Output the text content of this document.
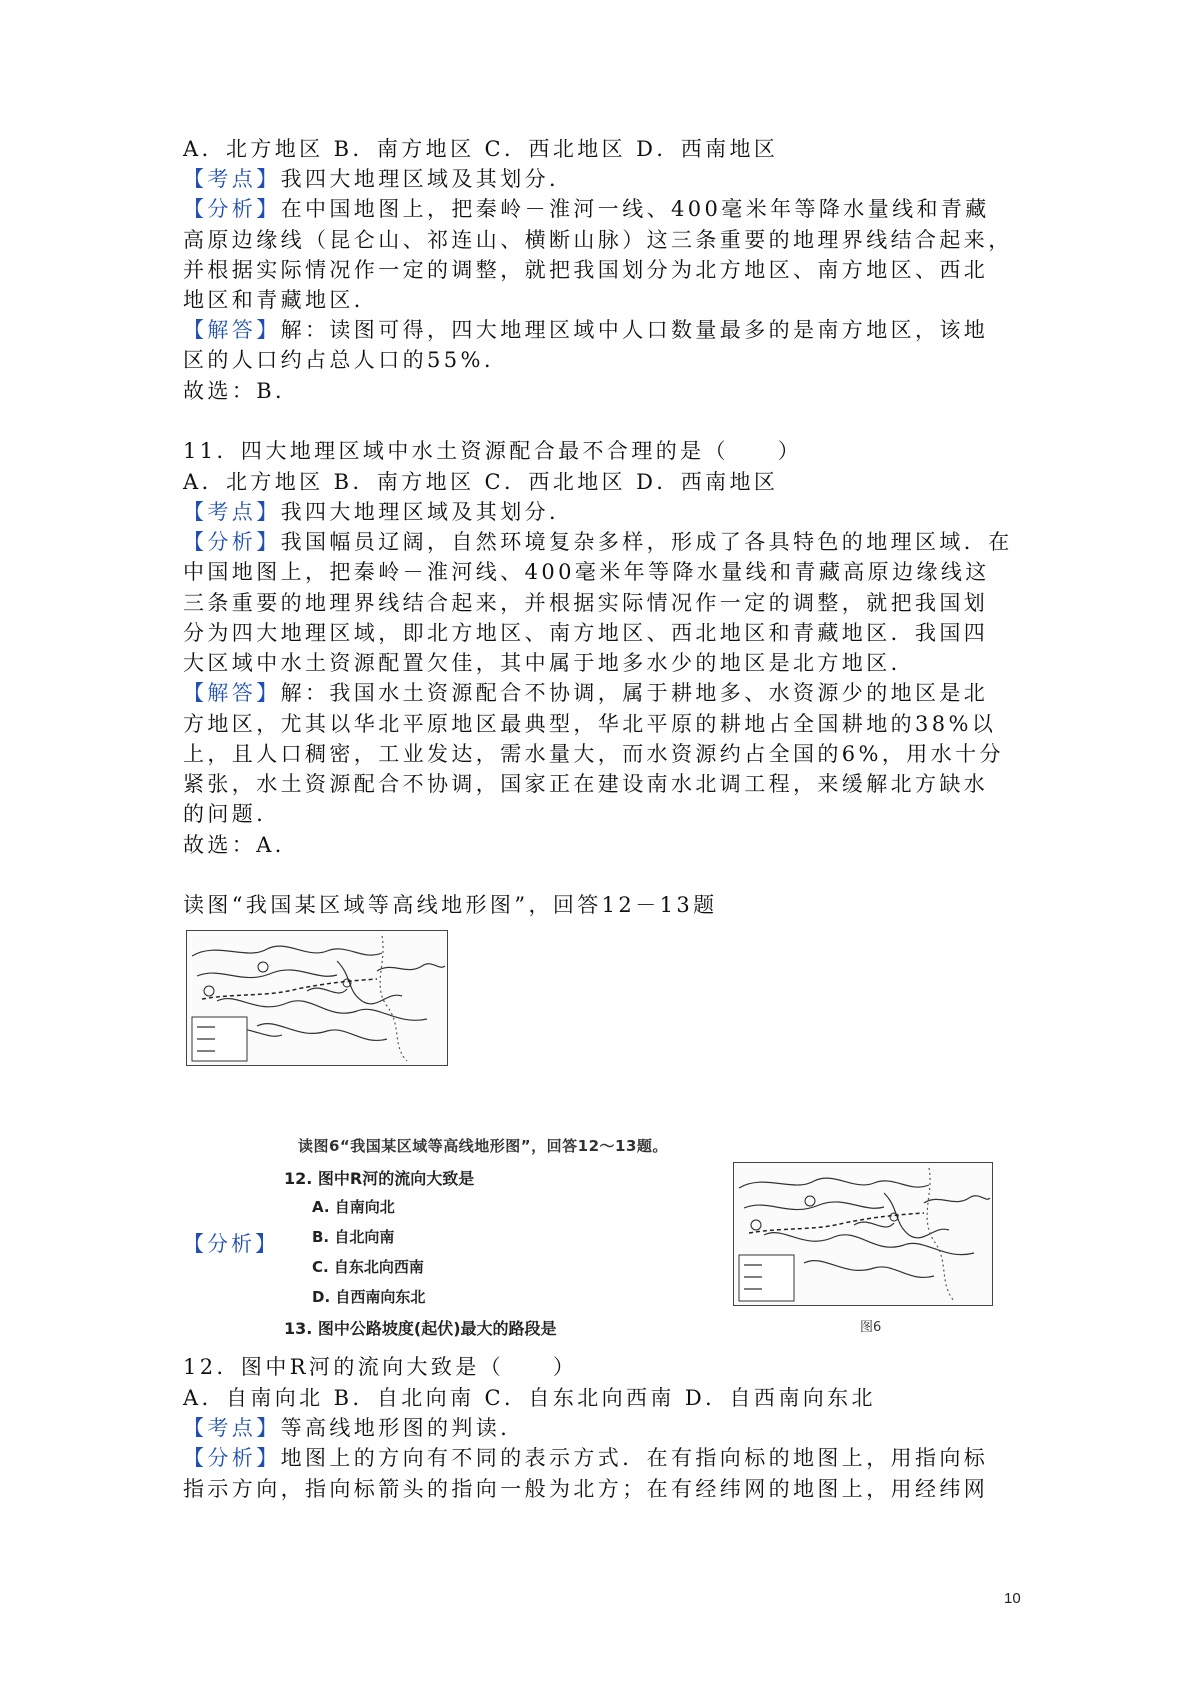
A．北方地区 B．南方地区 C．西北地区 D．西南地区
【考点】我四大地理区域及其划分．
【分析】在中国地图上，把秦岭－淮河一线、400毫米年等降水量线和青藏
高原边缘线（昆仑山、祁连山、横断山脉）这三条重要的地理界线结合起来，
并根据实际情况作一定的调整，就把我国划分为北方地区、南方地区、西北
地区和青藏地区．
【解答】解：读图可得，四大地理区域中人口数量最多的是南方地区，该地
区的人口约占总人口的55%.
故选：B．
11．四大地理区域中水土资源配合最不合理的是（　　）
A．北方地区 B．南方地区 C．西北地区 D．西南地区
【考点】我四大地理区域及其划分．
【分析】我国幅员辽阔，自然环境复杂多样，形成了各具特色的地理区域．在
中国地图上，把秦岭－淮河线、400毫米年等降水量线和青藏高原边缘线这
三条重要的地理界线结合起来，并根据实际情况作一定的调整，就把我国划
分为四大地理区域，即北方地区、南方地区、西北地区和青藏地区．我国四
大区域中水土资源配置欠佳，其中属于地多水少的地区是北方地区．
【解答】解：我国水土资源配合不协调，属于耕地多、水资源少的地区是北
方地区，尤其以华北平原地区最典型，华北平原的耕地占全国耕地的38%以
上，且人口稠密，工业发达，需水量大，而水资源约占全国的6%，用水十分
紧张，水土资源配合不协调，国家正在建设南水北调工程，来缓解北方缺水
的问题．
故选：A．
读图“我国某区域等高线地形图”，回答12－13题
读图6“我国某区域等高线地形图”，回答12～13题。
12. 图中R河的流向大致是
A. 自南向北
B. 自北向南
C. 自东北向西南
D. 自西南向东北
13. 图中公路坡度(起伏)最大的路段是
【分析】
图6
12．图中R河的流向大致是（　　）
A．自南向北 B．自北向南 C．自东北向西南 D．自西南向东北
【考点】等高线地形图的判读．
【分析】地图上的方向有不同的表示方式．在有指向标的地图上，用指向标
指示方向，指向标箭头的指向一般为北方；在有经纬网的地图上，用经纬网
10
